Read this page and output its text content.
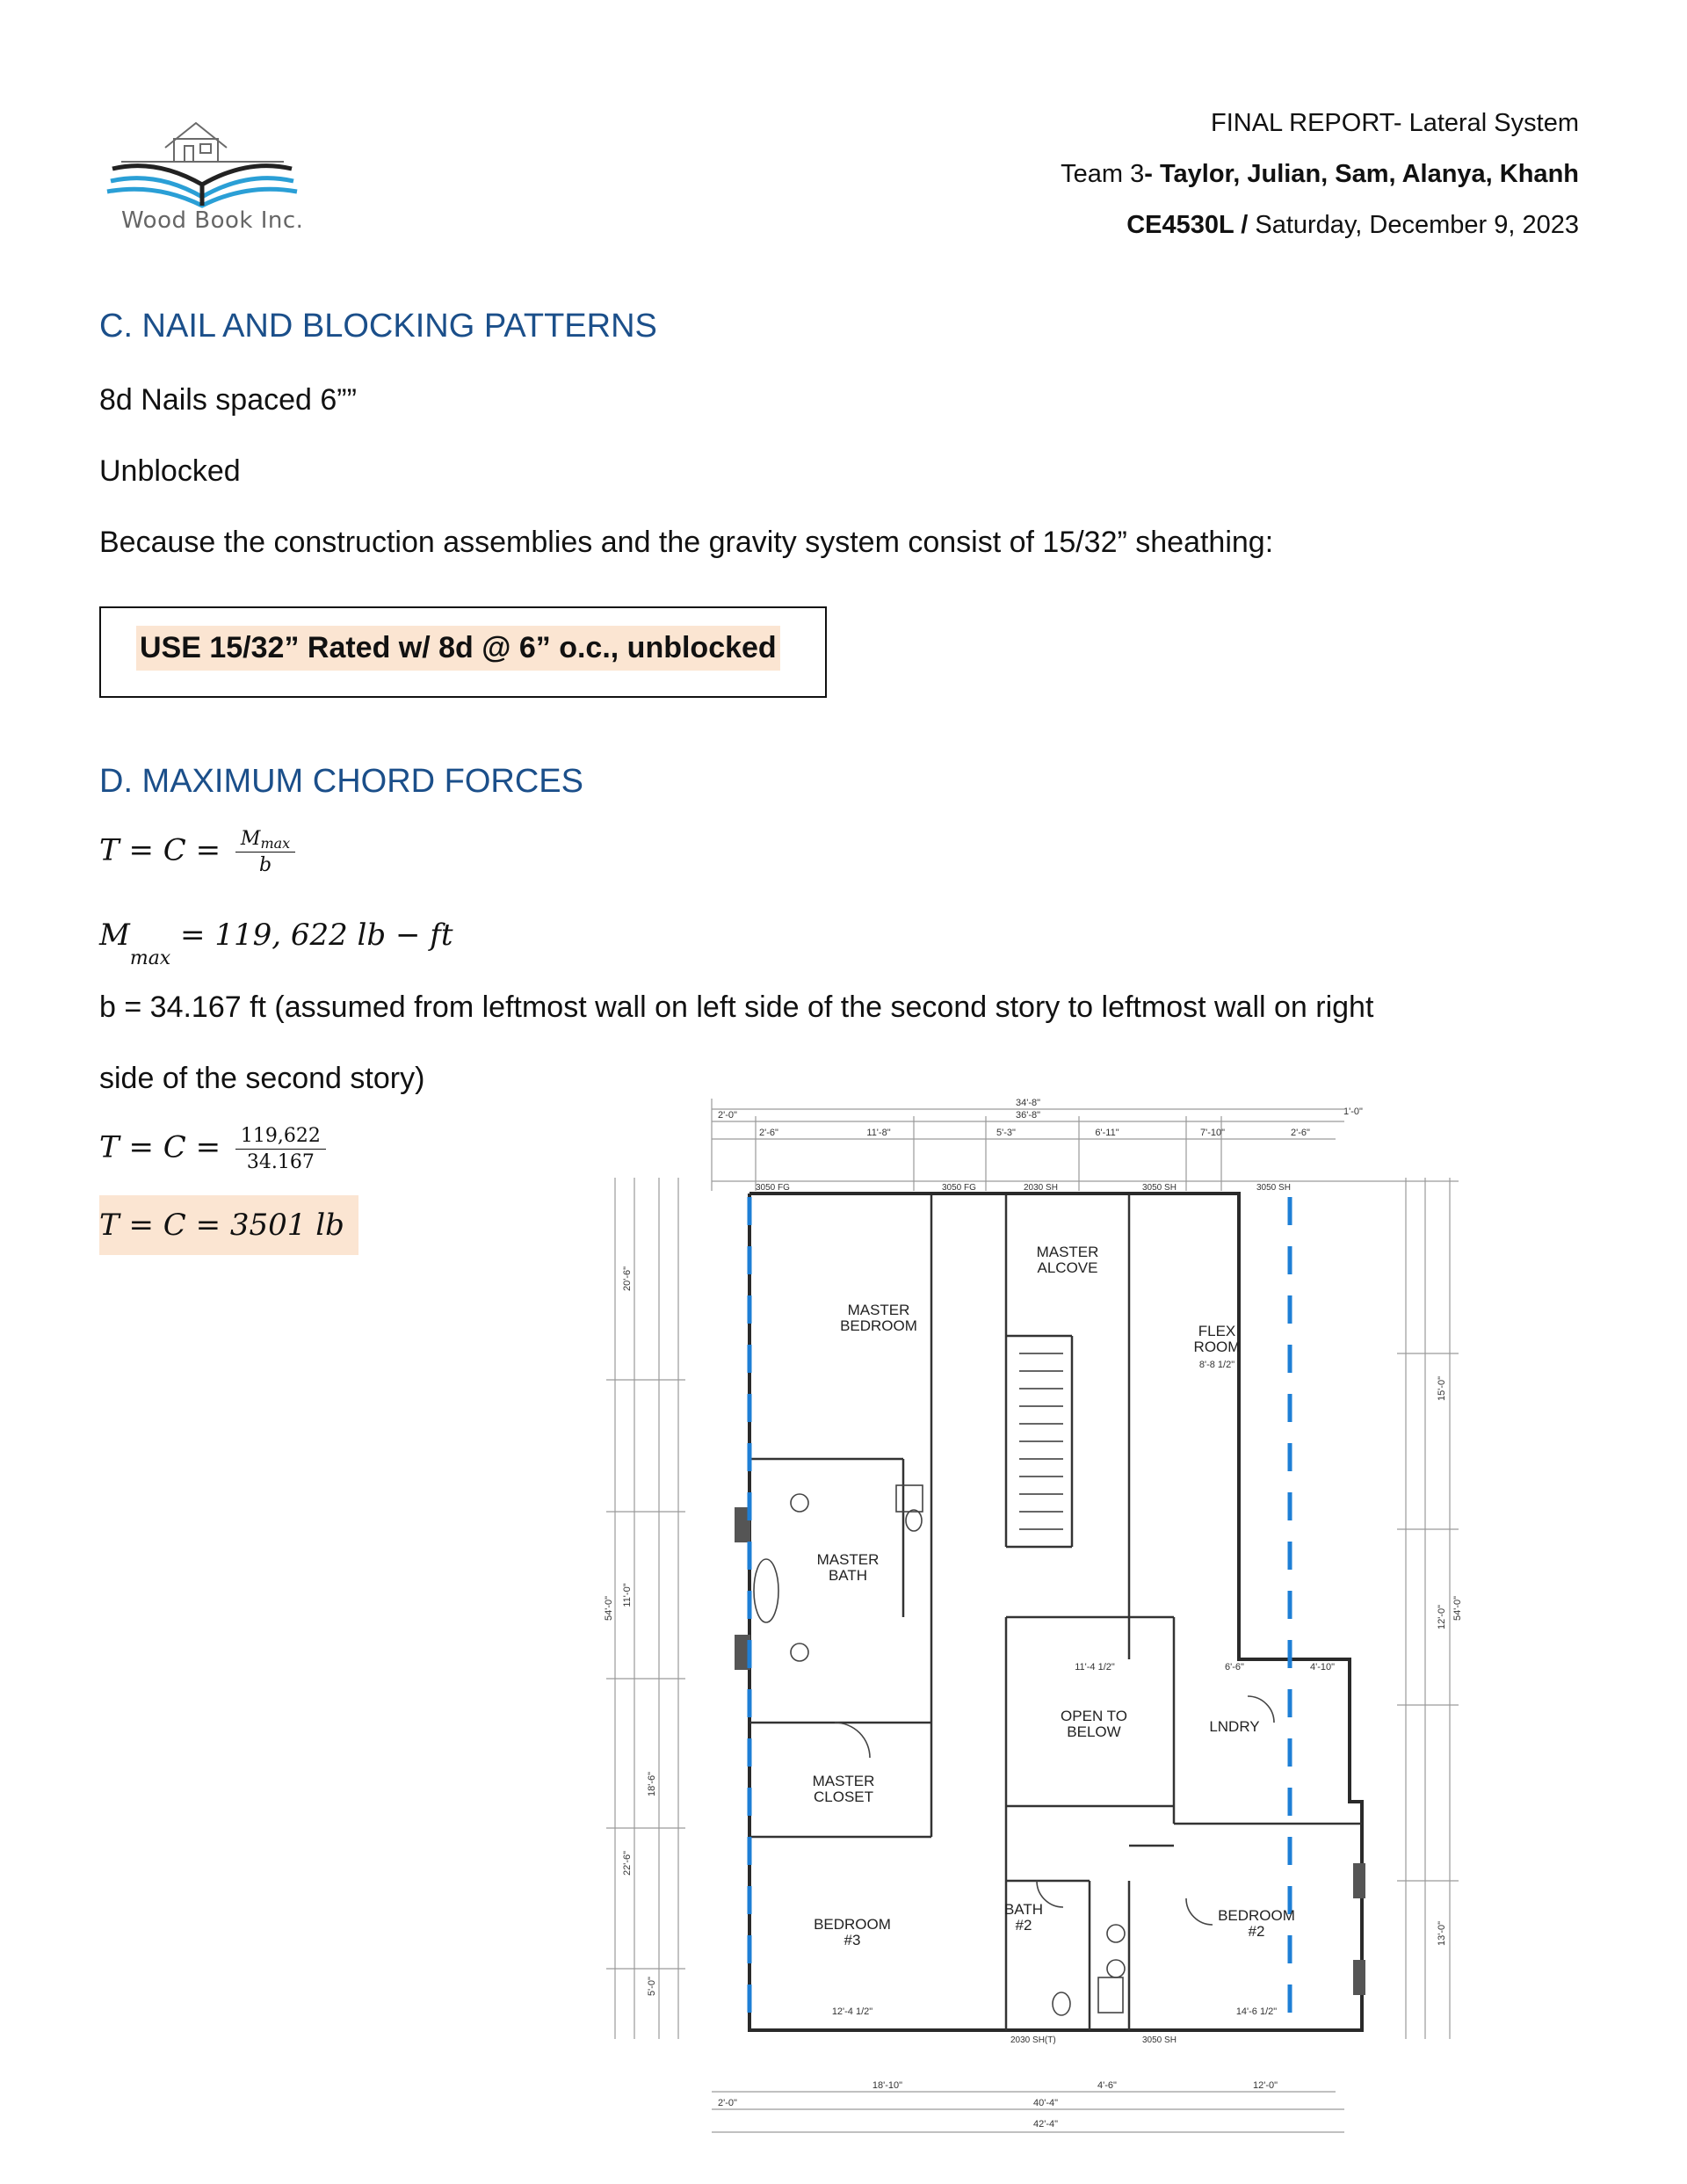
Wood Book Inc.
FINAL REPORT- Lateral System
Team 3- Taylor, Julian, Sam, Alanya, Khanh
CE4530L / Saturday, December 9, 2023
C. NAIL AND BLOCKING PATTERNS

8d Nails spaced 6””

Unblocked

Because the construction assemblies and the gravity system consist of 15/32” sheathing:

USE 15/32” Rated w/ 8d @ 6” o.c., unblocked
D. MAXIMUM CHORD FORCES
$T = C = \frac{Mmax}{b}$
$M_{max} = 119$, 622 lb − ft

b = 34.167 ft (assumed from leftmost wall on left side of the second story to leftmost wall on right

side of the second story)

$T = C = \frac{119,622}{34.167}$
T = C = 3501 lb
MASTER
BEDROOM
MASTER
ALCOVE
FLEX
ROOM
MASTER
BATH
OPEN TO
BELOW	LNDRY
MASTER
CLOSET
BEDROOM
#3
BATH
#2
BEDROOM
#2
34'-8"
36'-8"
2'-0"	1'-0"
2'-6"	11'-8"	5'-3"	6'-11"	7'-10"	2'-6"
18'-10"	4'-6"	12'-0"
40'-4"
42'-4"
2'-0"
11'-4 1/2"
12'-4 1/2"	14'-6 1/2"
6'-6"	4'-10"
8'-8 1/2"
3050 FG	3050 FG	2030 SH	3050 SH	3050 SH
2030 SH(T)	3050 SH
20'-6"
54'-0"
11'-0"
22'-6"
18'-6"
5'-0"
54'-0"
15'-0"
12'-0"
13'-0"
